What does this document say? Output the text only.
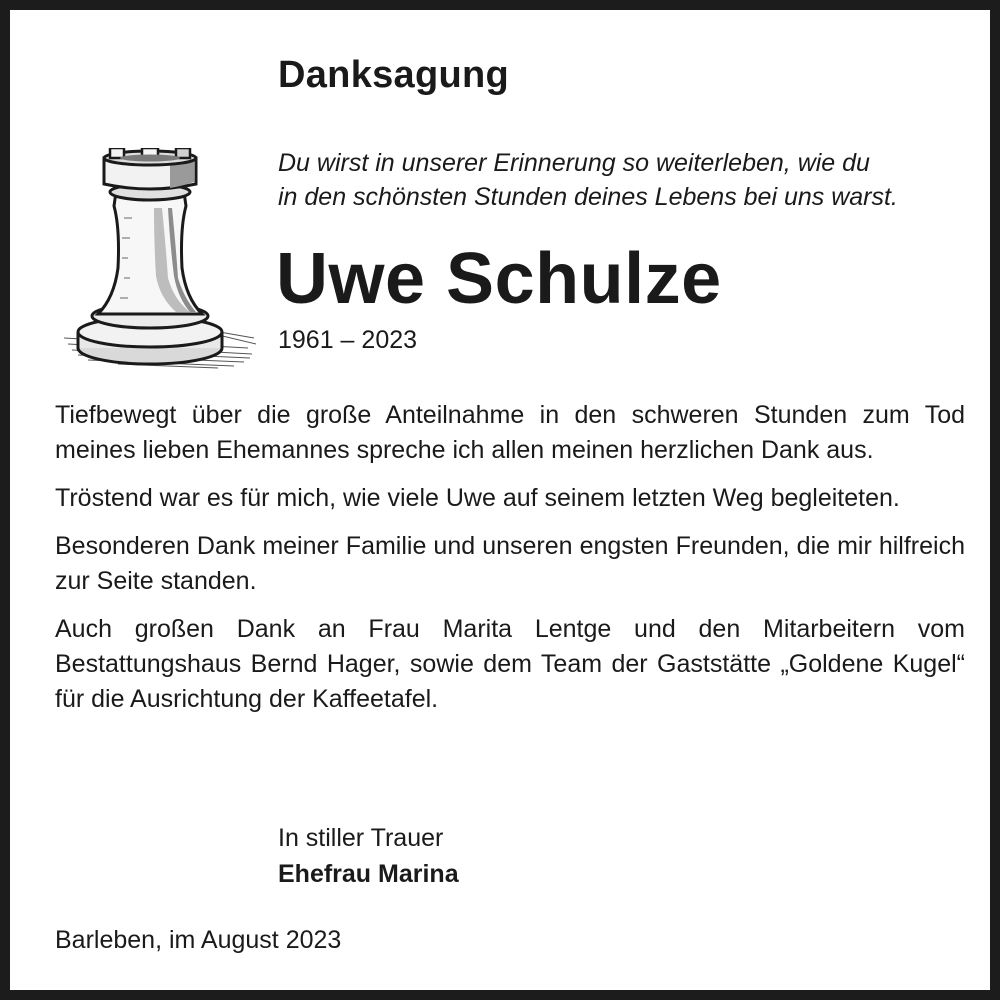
Danksagung

Du wirst in unserer Erinnerung so weiterleben, wie du
in den schönsten Stunden deines Lebens bei uns warst.

Uwe Schulze

1961 – 2023

Tiefbewegt über die große Anteilnahme in den schweren Stunden zum Tod meines lieben Ehemannes spreche ich allen meinen herzlichen Dank aus.

Tröstend war es für mich, wie viele Uwe auf seinem letzten Weg begleiteten.

Besonderen Dank meiner Familie und unseren engsten Freunden, die mir hilfreich zur Seite standen.

Auch großen Dank an Frau Marita Lentge und den Mitarbeitern vom Bestattungshaus Bernd Hager, sowie dem Team der Gaststätte „Goldene Kugel“ für die Ausrichtung der Kaffeetafel.

In stiller Trauer
Ehefrau Marina

Barleben, im August 2023
